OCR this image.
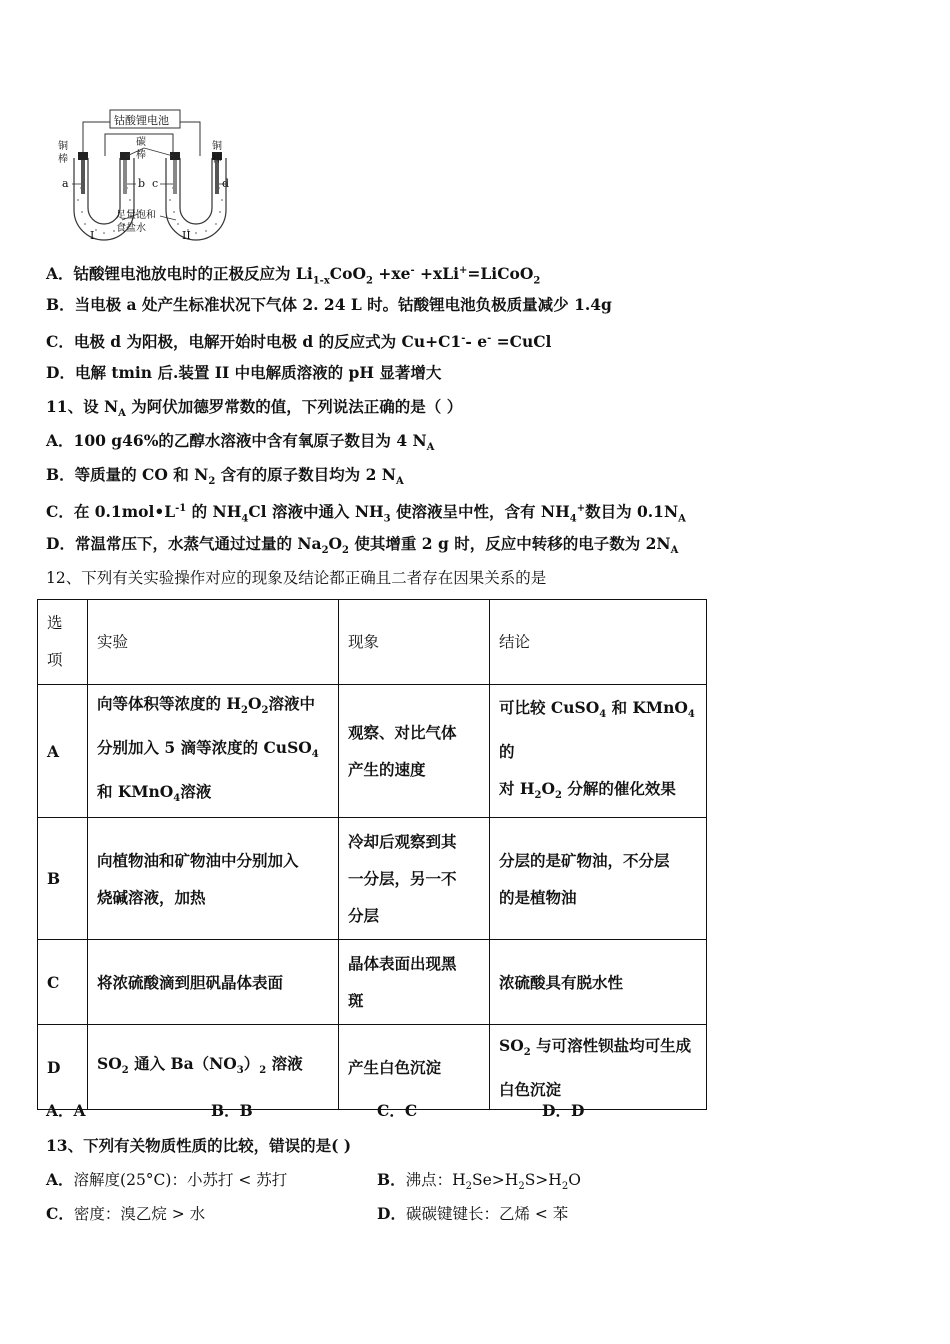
钴酸锂电池
铜棒
碳棒
铜棒
a	b c	d
足量饱和
食盐水
I	II
A．钴酸锂电池放电时的正极反应为 $Li_{1-x}CoO_2 +xe^-$ +xLi+=LiCoO$_2$
B．当电极 a 处产生标准状况下气体 2. 24 L 时。钴酸锂电池负极质量减少 1.4g
C．电极 d 为阳极，电解开始时电极 d 的反应式为 Cu+C1-- e- =CuCl
D．电解 tmin 后.装置 II 中电解质溶液的 pH 显著增大
11、设 $N_A$ 为阿伏加德罗常数的值，下列说法正确的是（ ）
A．100 g46%的乙醇水溶液中含有氧原子数目为 4 $N_A$
B．等质量的 CO 和 $N_2$ 含有的原子数目均为 2 $N_A$
C．在 $0.1mol•L^{-1}$ 的 $NH_4Cl$ 溶液中通入 $NH_3$ 使溶液呈中性，含有 $NH_4^+$数目为 $0.1N_A$
D．常温常压下，水蒸气通过过量的 $Na_2O_2$ 使其增重 2 g 时，反应中转移的电子数为 $2N_A$
12、下列有关实验操作对应的现象及结论都正确且二者存在因果关系的是
选
项	实验	现象	结论
A	向等体积等浓度的 $H_2O_2$溶液中
分别加入 5 滴等浓度的 CuSO$_4$
和 KMnO$_4$溶液	观察、对比气体
产生的速度	可比较 CuSO$_4$ 和 KMnO$_4$ 的
对 $H_2O_2$ 分解的催化效果
B	向植物油和矿物油中分别加入
烧碱溶液，加热	冷却后观察到其
一分层，另一不
分层	分层的是矿物油，不分层
的是植物油
C	将浓硫酸滴到胆矾晶体表面	晶体表面出现黑
斑	浓硫酸具有脱水性
D	$SO_2$ 通入 $Ba(NO_3)_2$ 溶液	产生白色沉淀	$SO_2$ 与可溶性钡盐均可生成
白色沉淀
A．A	B．B	C．C	D．D
13、下列有关物质性质的比较，错误的是( )
A．溶解度(25°C)：小苏打 < 苏打	B．沸点：$H_2Se>H_2S>H_2O$
C．密度：溴乙烷 > 水	D．碳碳键键长：乙烯 < 苯
